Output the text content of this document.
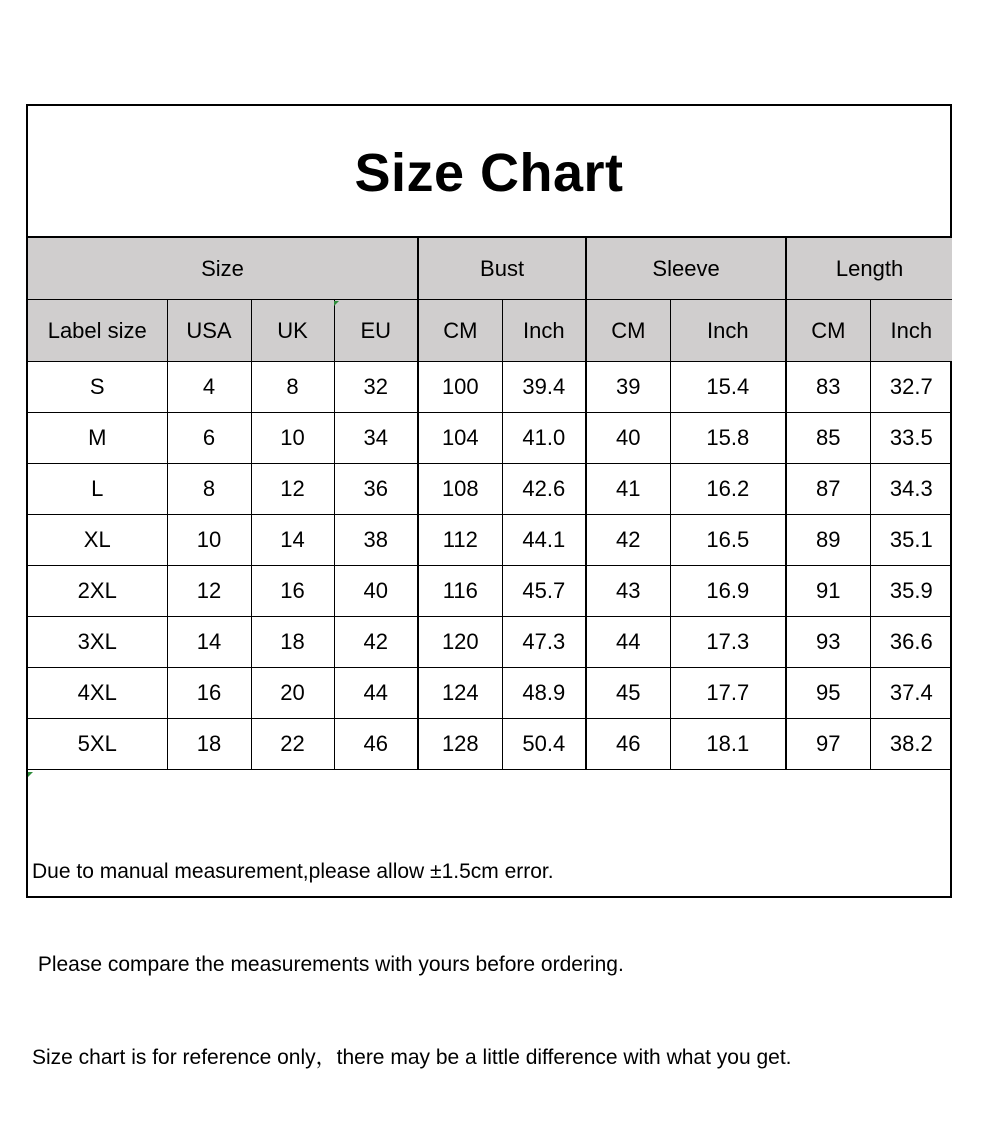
Size Chart
Size				Bust		Sleeve		Length	
Label size	USA	UK	EU	CM	Inch	CM	Inch	CM	Inch
S	4	8	32	100	39.4	39	15.4	83	32.7
M	6	10	34	104	41.0	40	15.8	85	33.5
L	8	12	36	108	42.6	41	16.2	87	34.3
XL	10	14	38	112	44.1	42	16.5	89	35.1
2XL	12	16	40	116	45.7	43	16.9	91	35.9
3XL	14	18	42	120	47.3	44	17.3	93	36.6
4XL	16	20	44	124	48.9	45	17.7	95	37.4
5XL	18	22	46	128	50.4	46	18.1	97	38.2

Due to manual measurement,please allow ±1.5cm error.

Please compare the measurements with yours before ordering.

Size chart is for reference only，there may be a little difference with what you get.
